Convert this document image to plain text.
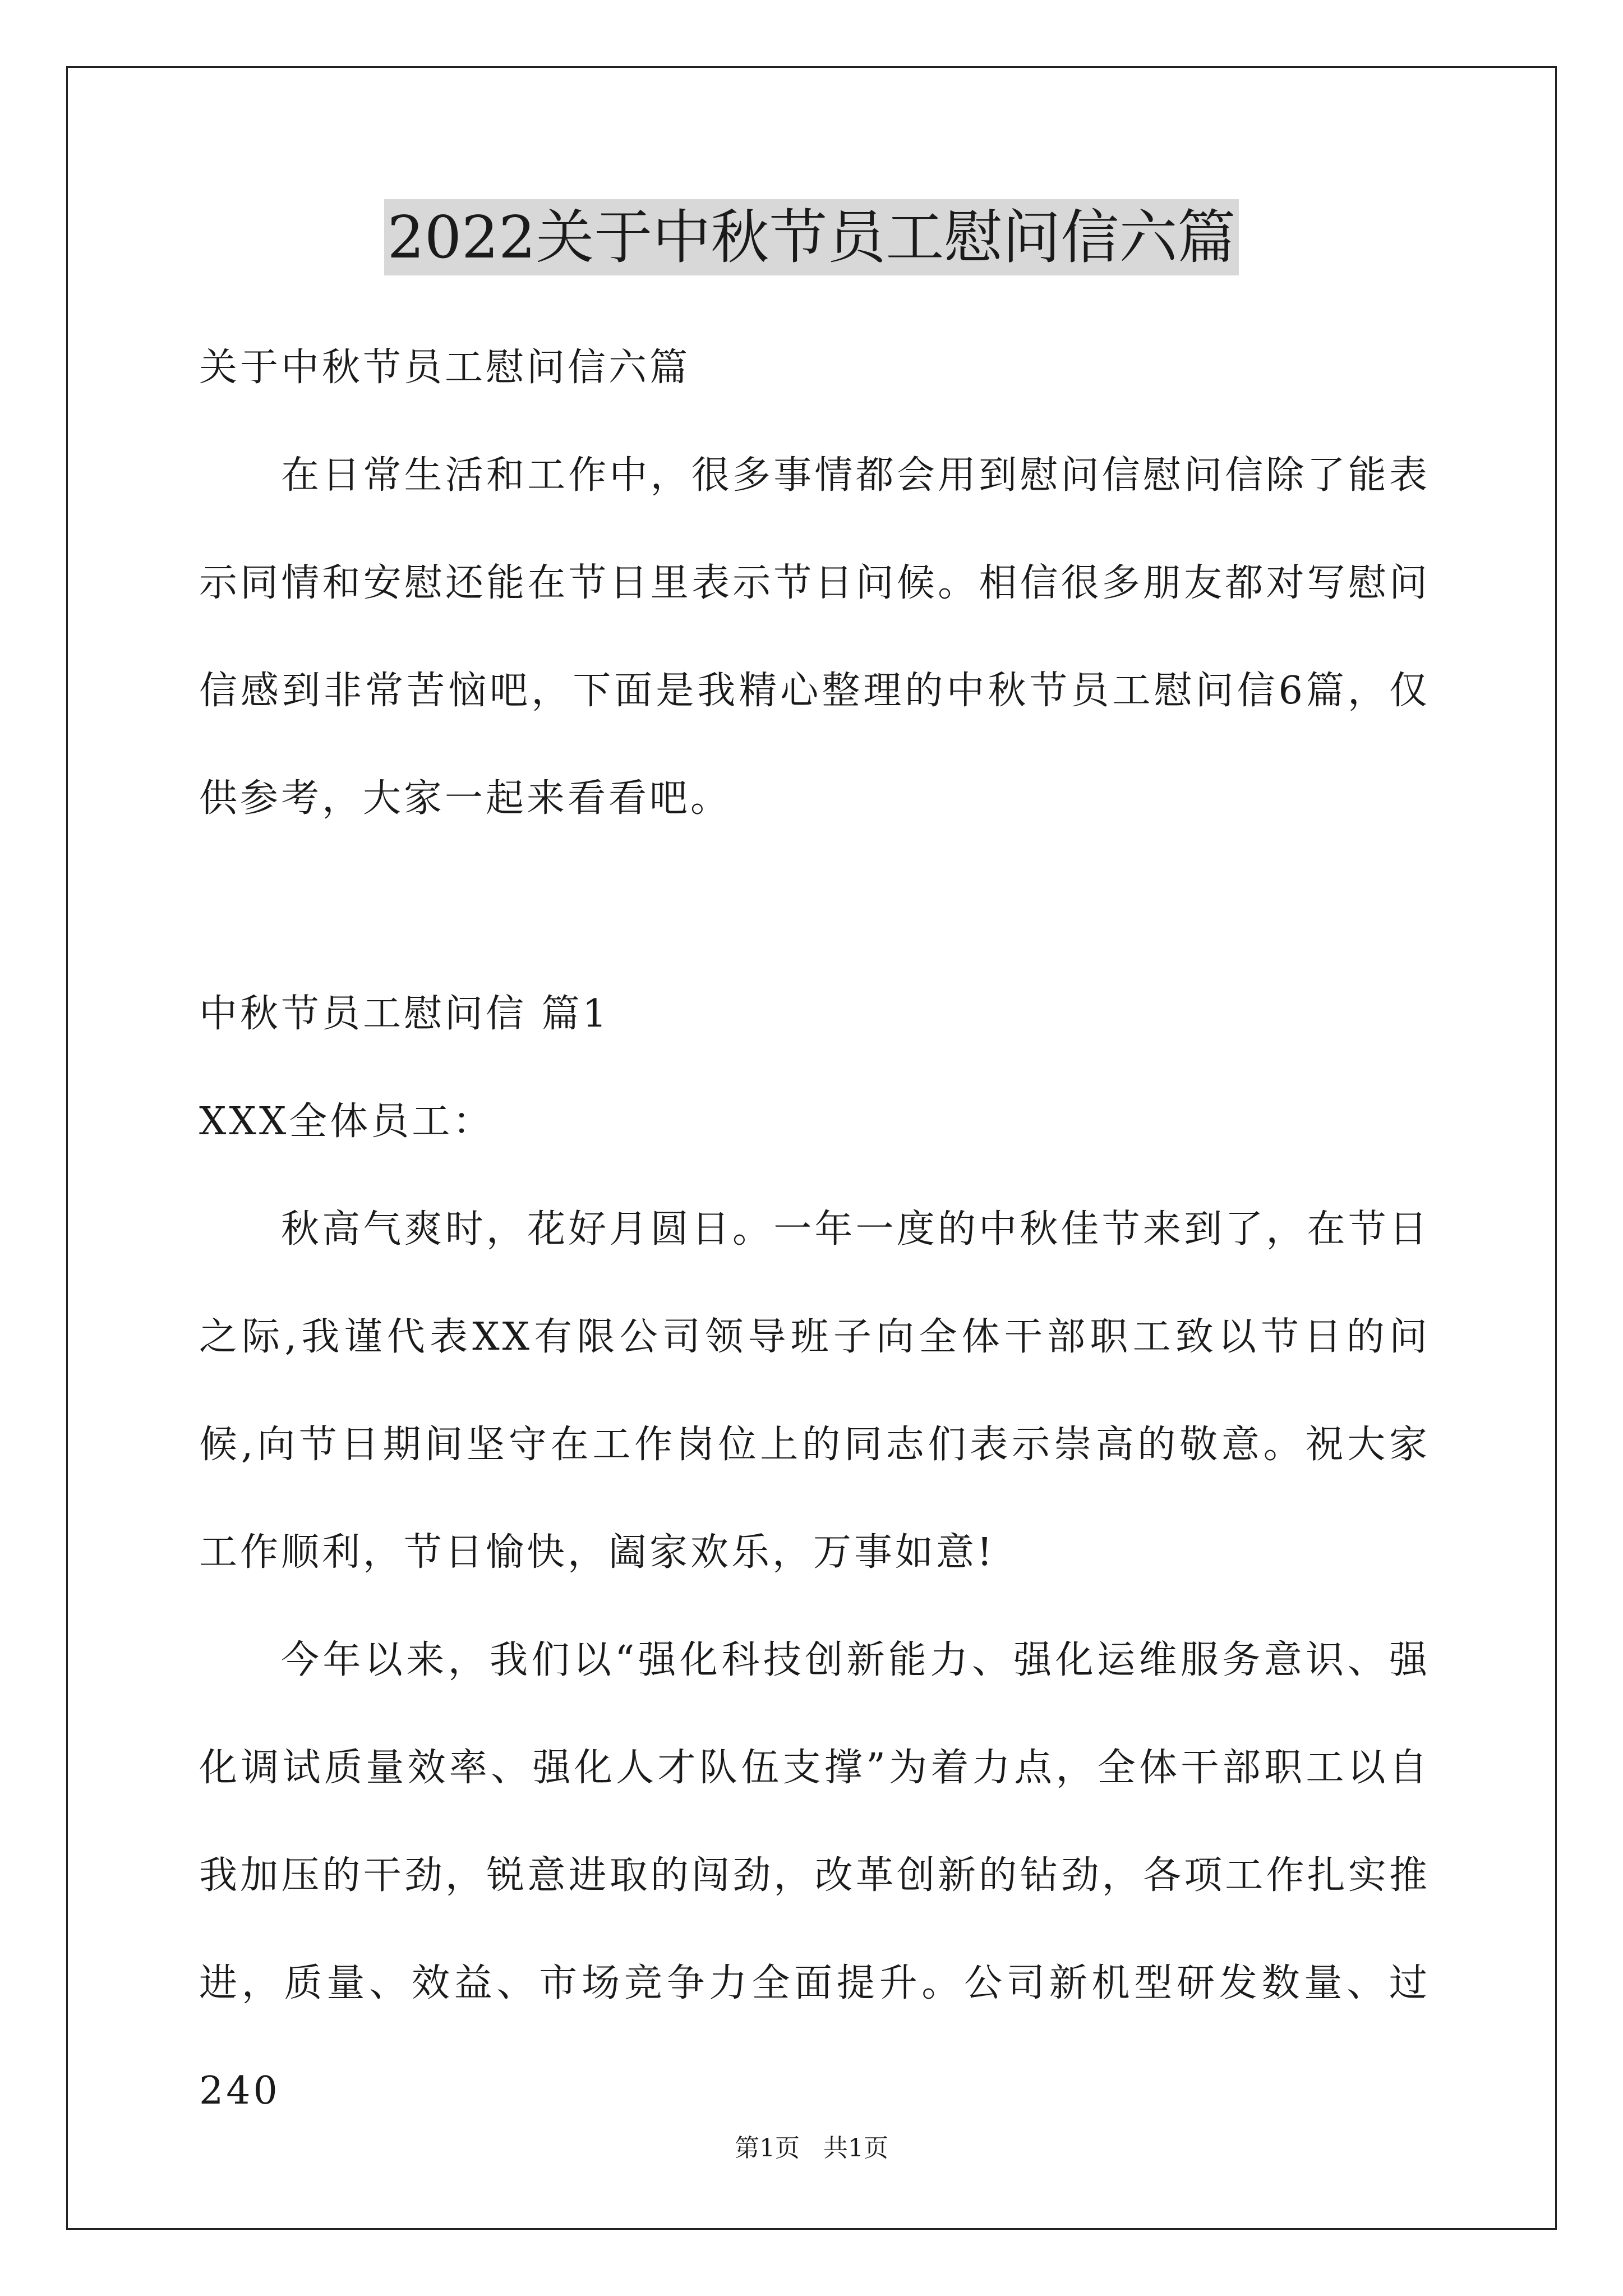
2022关于中秋节员工慰问信六篇

关于中秋节员工慰问信六篇

在日常生活和工作中，很多事情都会用到慰问信慰问信除了能表示同情和安慰还能在节日里表示节日问候。相信很多朋友都对写慰问信感到非常苦恼吧，下面是我精心整理的中秋节员工慰问信6篇，仅供参考，大家一起来看看吧。

中秋节员工慰问信 篇1

XXX全体员工：

秋高气爽时，花好月圆日。一年一度的中秋佳节来到了，在节日之际,我谨代表XX有限公司领导班子向全体干部职工致以节日的问候,向节日期间坚守在工作岗位上的同志们表示崇高的敬意。祝大家工作顺利，节日愉快，阖家欢乐，万事如意!

今年以来，我们以“强化科技创新能力、强化运维服务意识、强化调试质量效率、强化人才队伍支撑”为着力点，全体干部职工以自我加压的干劲，锐意进取的闯劲，改革创新的钻劲，各项工作扎实推进，质量、效益、市场竞争力全面提升。公司新机型研发数量、过240

第1页 共1页
